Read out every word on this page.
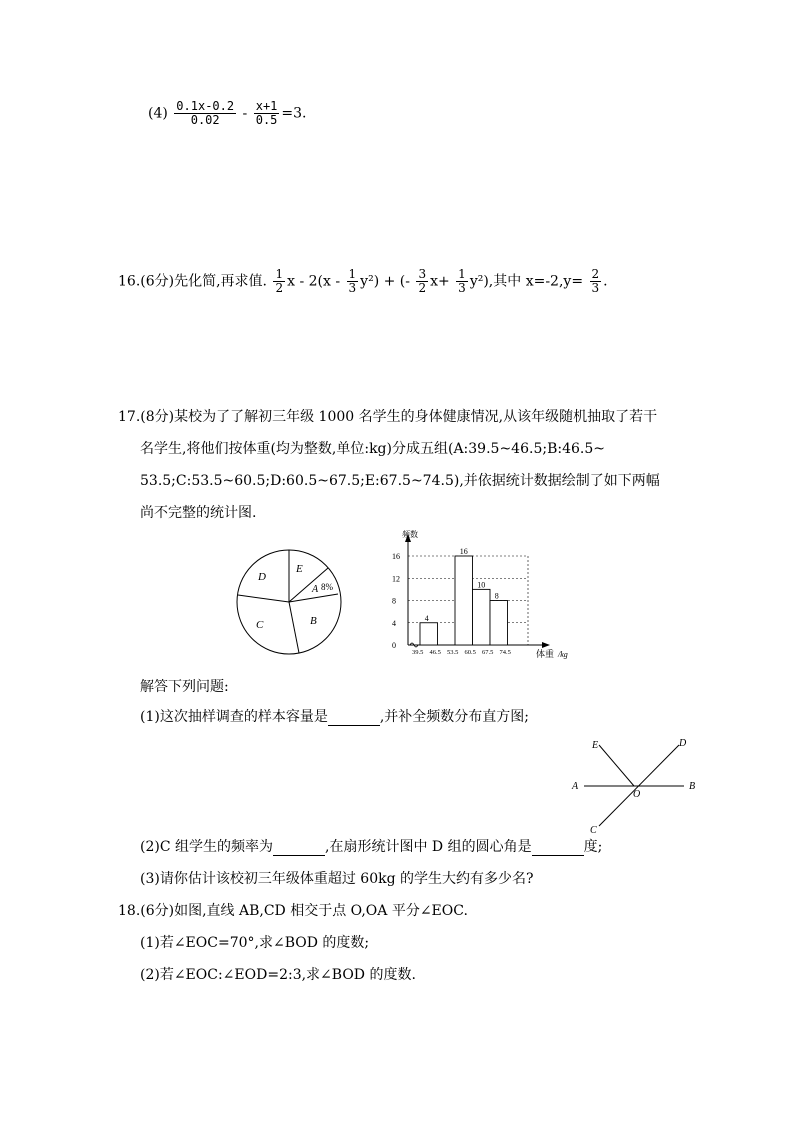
$(4) \frac{0.1x-0.2}{0.02} - \frac{x+1}{0.5} =3$.
16.(6分)先化简,再求值. $\frac{1}{2}$ x - $2(x - \frac{1}{3} y^2)$ + (- $\frac{3}{2} x+ \frac{1}{3} y^2$),其中 $x=-2,y= \frac{2}{3}$ .
17.(8分)某校为了了解初三年级 1000 名学生的身体健康情况,从该年级随机抽取了若干
名学生,将他们按体重(均为整数,单位:kg)分成五组(A:39.5~46.5;B:46.5~
53.5;C:53.5~60.5;D:60.5~67.5;E:67.5~74.5),并依据统计数据绘制了如下两幅
尚不完整的统计图.
D
E
A 8%
B
C
频数
体重 /kg
4
16
10
8
0
4
8
12
16
39.5 46.5 53.5 60.5 67.5 74.5
解答下列问题:
(1)这次抽样调查的样本容量是	,并补全频数分布直方图;
E	D
A
O
B
C
(2)C 组学生的频率为	,在扇形统计图中 D 组的圆心角是	度;
(3)请你估计该校初三年级体重超过 60kg 的学生大约有多少名?
18.(6分)如图,直线 AB,CD 相交于点 O,OA 平分∠EOC.
(1)若∠EOC=70°,求∠BOD 的度数;
(2)若∠EOC:∠EOD=2:3,求∠BOD 的度数.
